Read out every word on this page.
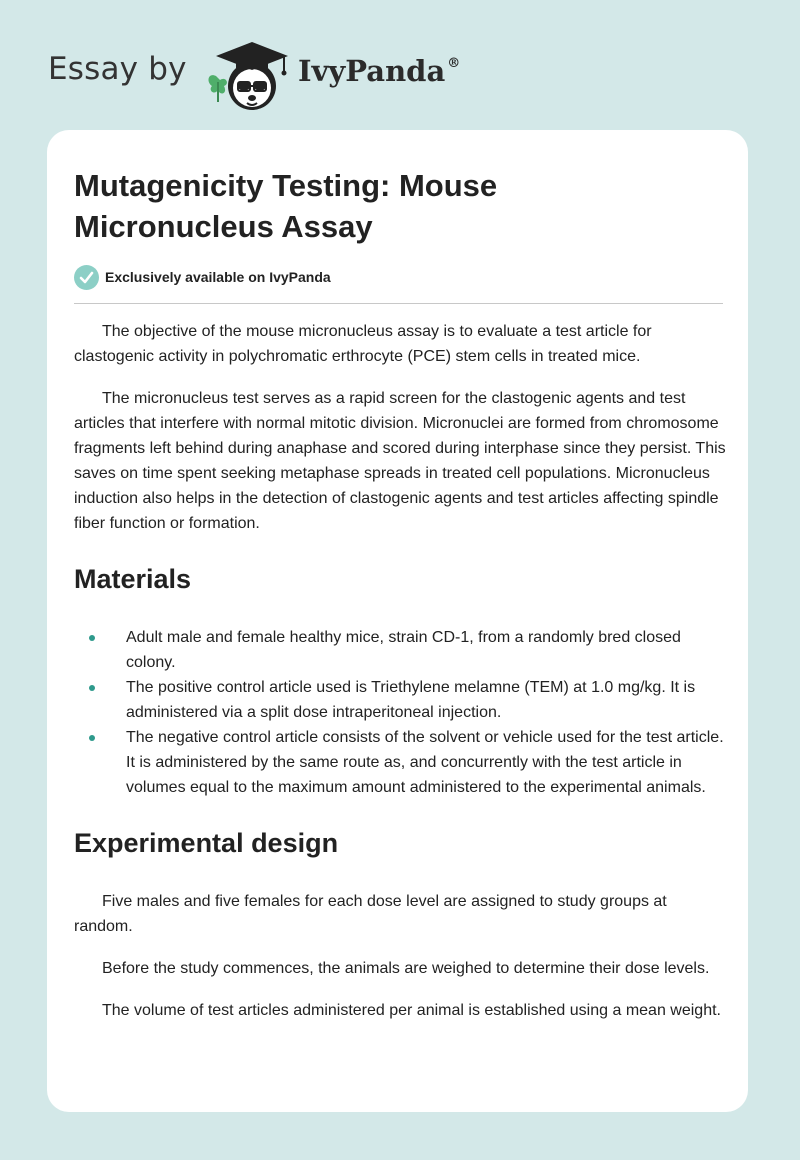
Essay by	IvyPanda ®
Mutagenicity Testing: Mouse Micronucleus Assay
Exclusively available on IvyPanda

The objective of the mouse micronucleus assay is to evaluate a test article for clastogenic activity in polychromatic erthrocyte (PCE) stem cells in treated mice.

The micronucleus test serves as a rapid screen for the clastogenic agents and test articles that interfere with normal mitotic division. Micronuclei are formed from chromosome fragments left behind during anaphase and scored during interphase since they persist. This saves on time spent seeking metaphase spreads in treated cell populations. Micronucleus induction also helps in the detection of clastogenic agents and test articles affecting spindle fiber function or formation.

Materials
Adult male and female healthy mice, strain CD-1, from a randomly bred closed colony.
The positive control article used is Triethylene melamne (TEM) at 1.0 mg/kg. It is administered via a split dose intraperitoneal injection.
The negative control article consists of the solvent or vehicle used for the test article. It is administered by the same route as, and concurrently with the test article in volumes equal to the maximum amount administered to the experimental animals.
Experimental design

Five males and five females for each dose level are assigned to study groups at random.

Before the study commences, the animals are weighed to determine their dose levels.

The volume of test articles administered per animal is established using a mean weight.
